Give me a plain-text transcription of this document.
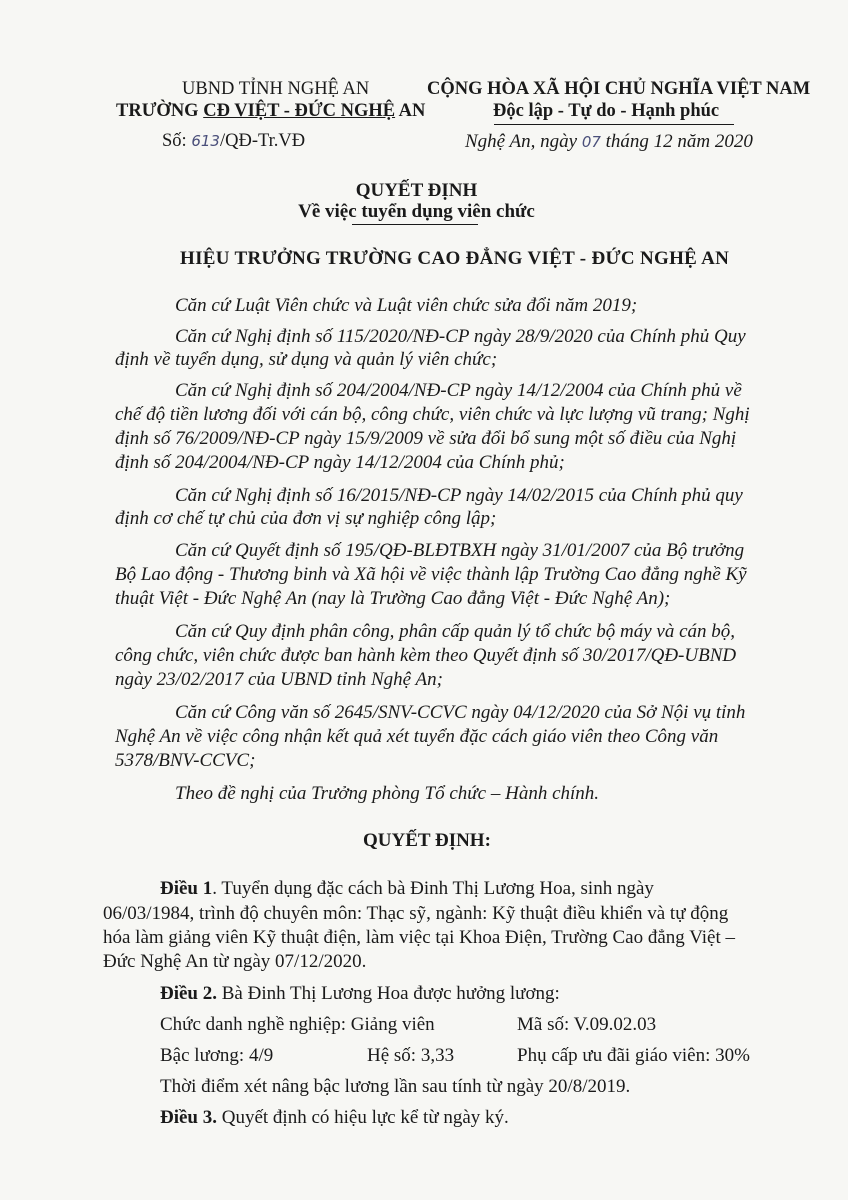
UBND TỈNH NGHỆ AN
TRƯỜNG CĐ VIỆT - ĐỨC NGHỆ AN
Số: 613/QĐ-Tr.VĐ
CỘNG HÒA XÃ HỘI CHỦ NGHĨA VIỆT NAM
Độc lập - Tự do - Hạnh phúc
Nghệ An, ngày 07 tháng 12 năm 2020
QUYẾT ĐỊNH
Về việc tuyển dụng viên chức
HIỆU TRƯỞNG TRƯỜNG CAO ĐẲNG VIỆT - ĐỨC NGHỆ AN
Căn cứ Luật Viên chức và Luật viên chức sửa đổi năm 2019;
Căn cứ Nghị định số 115/2020/NĐ-CP ngày 28/9/2020 của Chính phủ Quy
định về tuyển dụng, sử dụng và quản lý viên chức;
Căn cứ Nghị định số 204/2004/NĐ-CP ngày 14/12/2004 của Chính phủ về
chế độ tiền lương đối với cán bộ, công chức, viên chức và lực lượng vũ trang; Nghị
định số 76/2009/NĐ-CP ngày 15/9/2009 về sửa đổi bổ sung một số điều của Nghị
định số 204/2004/NĐ-CP ngày 14/12/2004 của Chính phủ;
Căn cứ Nghị định số 16/2015/NĐ-CP ngày 14/02/2015 của Chính phủ quy
định cơ chế tự chủ của đơn vị sự nghiệp công lập;
Căn cứ Quyết định số 195/QĐ-BLĐTBXH ngày 31/01/2007 của Bộ trưởng
Bộ Lao động - Thương binh và Xã hội về việc thành lập Trường Cao đẳng nghề Kỹ
thuật Việt - Đức Nghệ An (nay là Trường Cao đẳng Việt - Đức Nghệ An);
Căn cứ Quy định phân công, phân cấp quản lý tổ chức bộ máy và cán bộ,
công chức, viên chức được ban hành kèm theo Quyết định số 30/2017/QĐ-UBND
ngày 23/02/2017 của UBND tỉnh Nghệ An;
Căn cứ Công văn số 2645/SNV-CCVC ngày 04/12/2020 của Sở Nội vụ tỉnh
Nghệ An về việc công nhận kết quả xét tuyển đặc cách giáo viên theo Công văn
5378/BNV-CCVC;
Theo đề nghị của Trưởng phòng Tổ chức – Hành chính.
QUYẾT ĐỊNH:
Điều 1. Tuyển dụng đặc cách bà Đinh Thị Lương Hoa, sinh ngày
06/03/1984, trình độ chuyên môn: Thạc sỹ, ngành: Kỹ thuật điều khiển và tự động
hóa làm giảng viên Kỹ thuật điện, làm việc tại Khoa Điện, Trường Cao đẳng Việt –
Đức Nghệ An từ ngày 07/12/2020.
Điều 2. Bà Đinh Thị Lương Hoa được hưởng lương:
Chức danh nghề nghiệp: Giảng viên	Mã số: V.09.02.03
Bậc lương: 4/9	Hệ số: 3,33	Phụ cấp ưu đãi giáo viên: 30%
Thời điểm xét nâng bậc lương lần sau tính từ ngày 20/8/2019.
Điều 3. Quyết định có hiệu lực kể từ ngày ký.
